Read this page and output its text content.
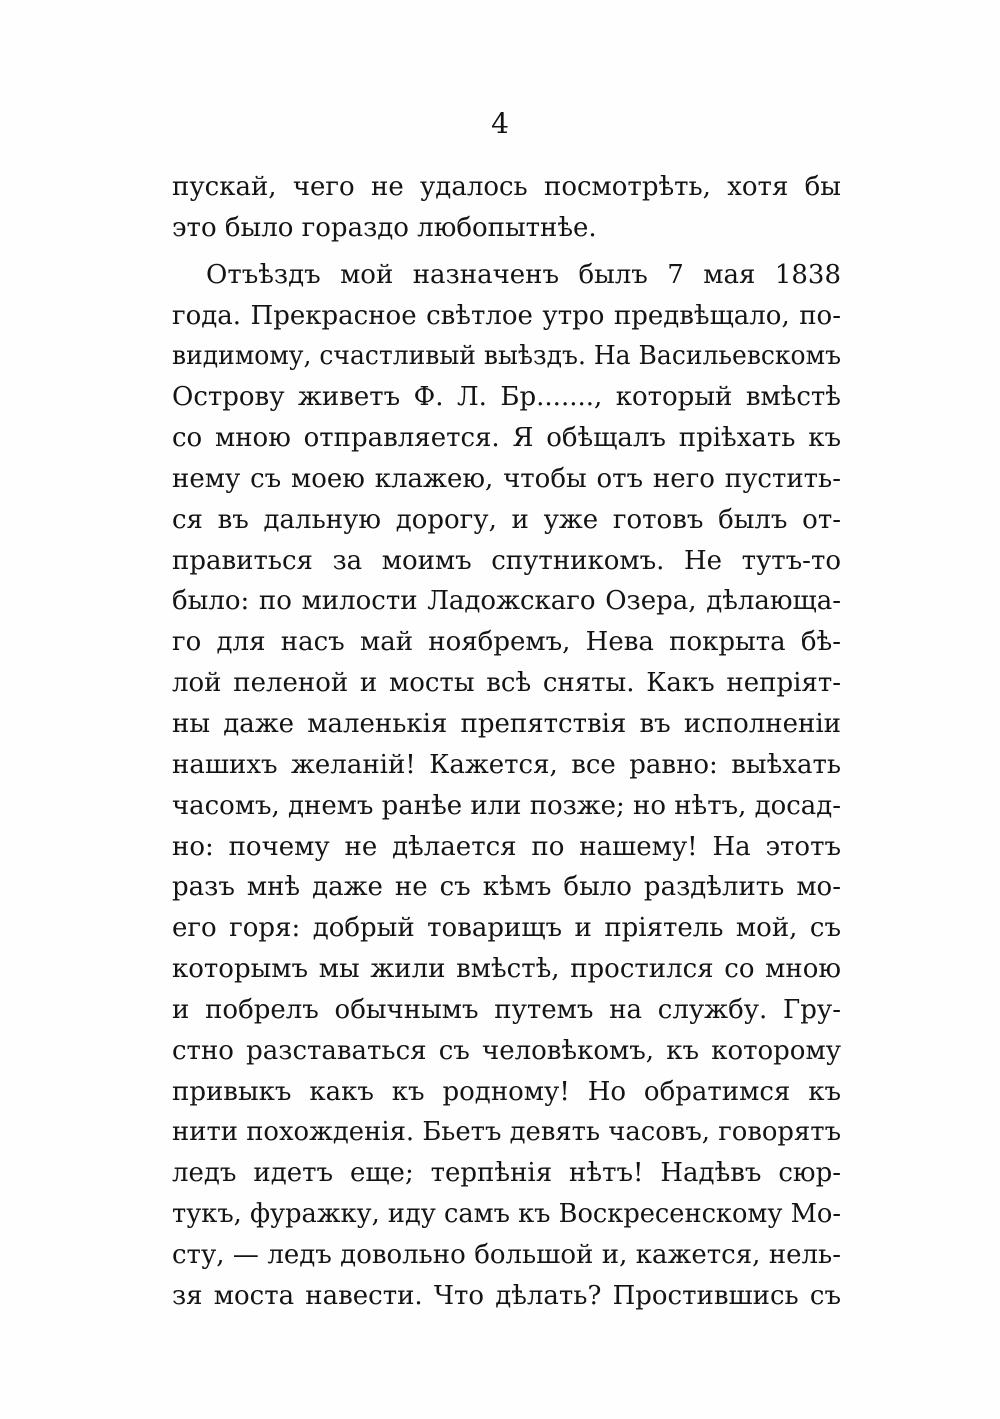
4
пускай, чего не удалось посмотрѣть, хотя бы
это было гораздо любопытнѣе.
Отъѣздъ мой назначенъ былъ 7 мая 1838
года. Прекрасное свѣтлое утро предвѣщало, по-
видимому, счастливый выѣздъ. На Васильевскомъ
Острову живетъ Ф. Л. Бр......., который вмѣстѣ
со мною отправляется. Я обѣщалъ пріѣхать къ
нему съ моею клажею, чтобы отъ него пустить-
ся въ дальную дорогу, и уже готовъ былъ от-
правиться за моимъ спутникомъ. Не тутъ-то
было: по милости Ладожскаго Озера, дѣлающа-
го для насъ май ноябремъ, Нева покрыта бѣ-
лой пеленой и мосты всѣ сняты. Какъ непріят-
ны даже маленькія препятствія въ исполненіи
нашихъ желаній! Кажется, все равно: выѣхать
часомъ, днемъ ранѣе или позже; но нѣтъ, досад-
но: почему не дѣлается по нашему! На этотъ
разъ мнѣ даже не съ кѣмъ было раздѣлить мо-
его горя: добрый товарищъ и пріятель мой, съ
которымъ мы жили вмѣстѣ, простился со мною
и побрелъ обычнымъ путемъ на службу. Гру-
стно разставаться съ человѣкомъ, къ которому
привыкъ какъ къ родному! Но обратимся къ
нити похожденія. Бьетъ девять часовъ, говорятъ
ледъ идетъ еще; терпѣнія нѣтъ! Надѣвъ сюр-
тукъ, фуражку, иду самъ къ Воскресенскому Мо-
сту, — ледъ довольно большой и, кажется, нель-
зя моста навести. Что дѣлать? Простившись съ
